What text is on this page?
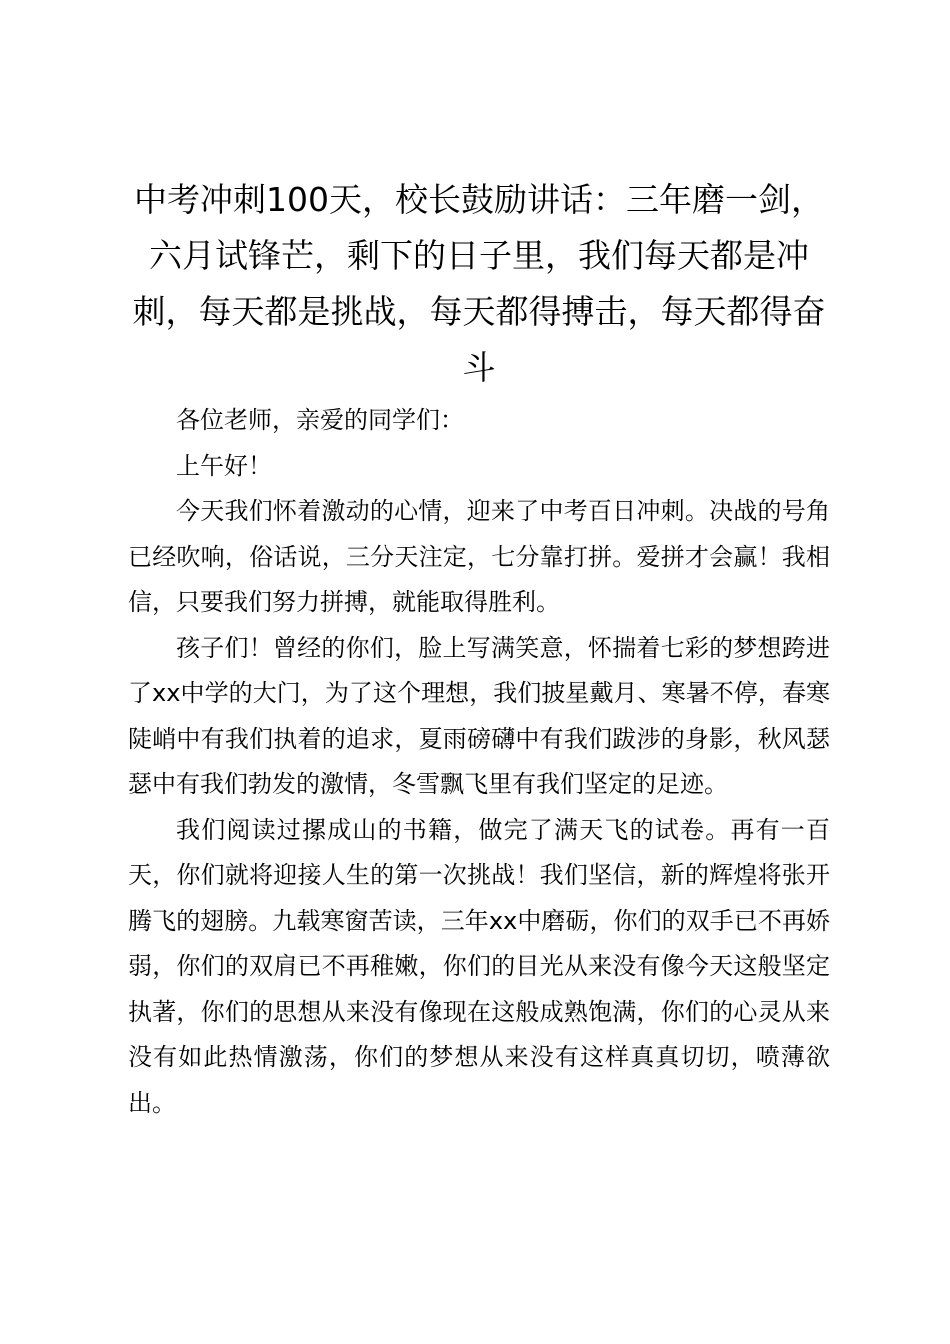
中考冲刺100天，校长鼓励讲话：三年磨一剑，六月试锋芒，剩下的日子里，我们每天都是冲刺，每天都是挑战，每天都得搏击，每天都得奋斗

各位老师，亲爱的同学们：

上午好！

今天我们怀着激动的心情，迎来了中考百日冲刺。决战的号角已经吹响，俗话说，三分天注定，七分靠打拼。爱拼才会赢！我相信，只要我们努力拼搏，就能取得胜利。

孩子们！曾经的你们，脸上写满笑意，怀揣着七彩的梦想跨进了xx中学的大门，为了这个理想，我们披星戴月、寒暑不停，春寒陡峭中有我们执着的追求，夏雨磅礴中有我们跋涉的身影，秋风瑟瑟中有我们勃发的激情，冬雪飘飞里有我们坚定的足迹。

我们阅读过摞成山的书籍，做完了满天飞的试卷。再有一百天，你们就将迎接人生的第一次挑战！我们坚信，新的辉煌将张开腾飞的翅膀。九载寒窗苦读，三年xx中磨砺，你们的双手已不再娇弱，你们的双肩已不再稚嫩，你们的目光从来没有像今天这般坚定执著，你们的思想从来没有像现在这般成熟饱满，你们的心灵从来没有如此热情激荡，你们的梦想从来没有这样真真切切，喷薄欲出。
